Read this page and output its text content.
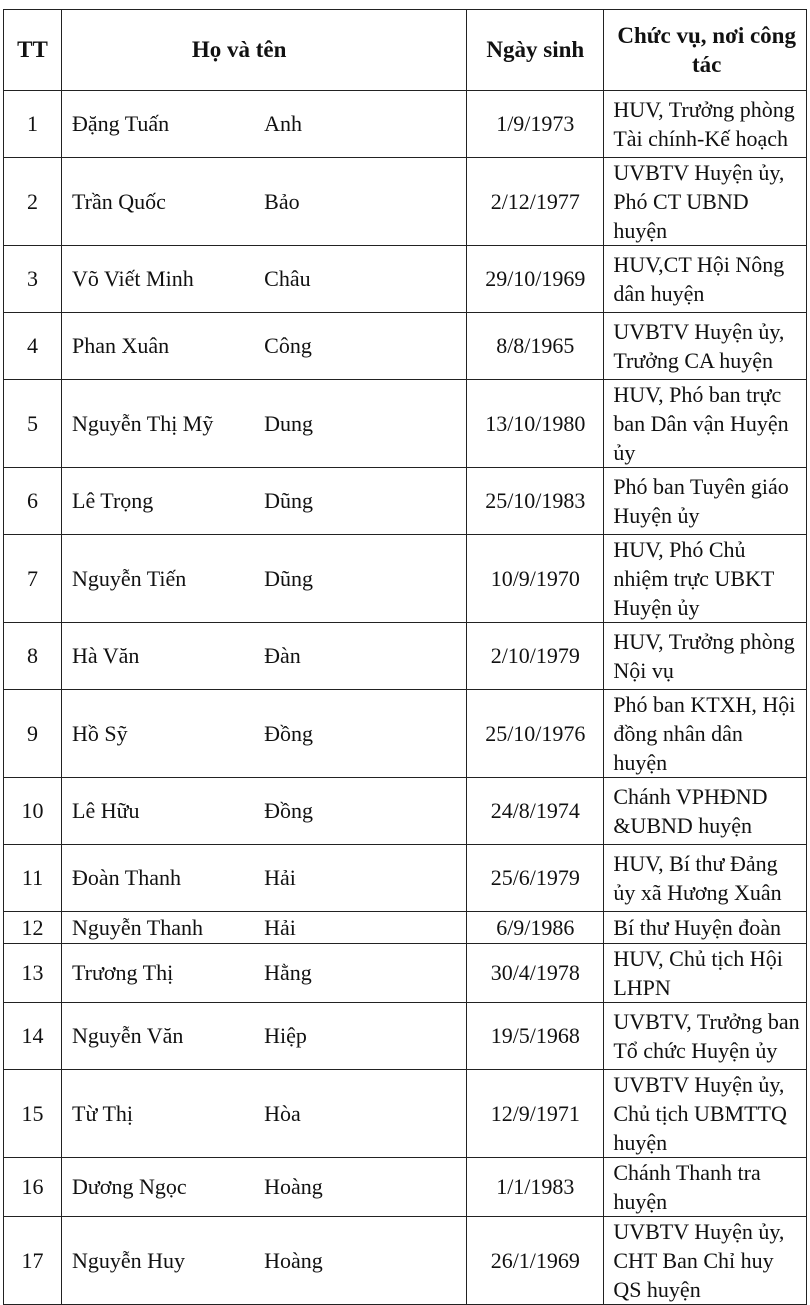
TT	Họ và tên		Ngày sinh	Chức vụ, nơi công tác
1	Đặng Tuấn	Anh	1/9/1973	HUV, Trưởng phòng Tài chính-Kế hoạch
2	Trần Quốc	Bảo	2/12/1977	UVBTV Huyện ủy, Phó CT UBND huyện
3	Võ Viết Minh	Châu	29/10/1969	HUV,CT Hội Nông dân huyện
4	Phan Xuân	Công	8/8/1965	UVBTV Huyện ủy, Trưởng CA huyện
5	Nguyễn Thị Mỹ	Dung	13/10/1980	HUV, Phó ban trực ban Dân vận Huyện ủy
6	Lê Trọng	Dũng	25/10/1983	Phó ban Tuyên giáo Huyện ủy
7	Nguyễn Tiến	Dũng	10/9/1970	HUV, Phó Chủ nhiệm trực UBKT Huyện ủy
8	Hà Văn	Đàn	2/10/1979	HUV, Trưởng phòng Nội vụ
9	Hồ Sỹ	Đồng	25/10/1976	Phó ban KTXH, Hội đồng nhân dân huyện
10	Lê Hữu	Đồng	24/8/1974	Chánh VPHĐND &UBND huyện
11	Đoàn Thanh	Hải	25/6/1979	HUV, Bí thư Đảng ủy xã Hương Xuân
12	Nguyễn Thanh	Hải	6/9/1986	Bí thư Huyện đoàn
13	Trương Thị	Hằng	30/4/1978	HUV, Chủ tịch Hội LHPN
14	Nguyễn Văn	Hiệp	19/5/1968	UVBTV, Trưởng ban Tổ chức Huyện ủy
15	Từ Thị	Hòa	12/9/1971	UVBTV Huyện ủy, Chủ tịch UBMTTQ huyện
16	Dương Ngọc	Hoàng	1/1/1983	Chánh Thanh tra huyện
17	Nguyễn Huy	Hoàng	26/1/1969	UVBTV Huyện ủy, CHT Ban Chỉ huy QS huyện
